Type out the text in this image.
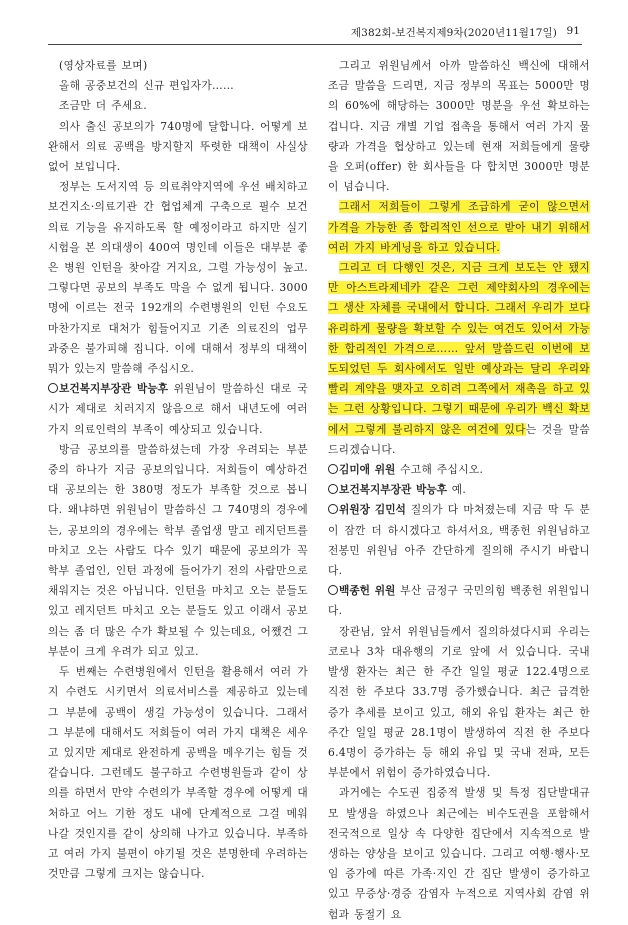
제382회-보건복지제9차(2020년11월17일) 91

(영상자료를 보며)

올해 공중보건의 신규 편입자가……

조금만 더 주세요.

의사 출신 공보의가 740명에 달합니다. 어떻게 보완해서 의료 공백을 방지할지 뚜렷한 대책이 사실상 없어 보입니다.

정부는 도서지역 등 의료취약지역에 우선 배치하고 보건지소·의료기관 간 협업체계 구축으로 필수 보건의료 기능을 유지하도록 할 예정이라고 하지만 실기시험을 본 의대생이 400여 명인데 이들은 대부분 좋은 병원 인턴을 찾아갈 거지요, 그럴 가능성이 높고. 그렇다면 공보의 부족도 막을 수 없게 됩니다. 3000명에 이르는 전국 192개의 수련병원의 인턴 수요도 마찬가지로 대처가 힘들어지고 기존 의료진의 업무 과중은 불가피해 집니다. 이에 대해서 정부의 대책이 뭐가 있는지 말씀해 주십시오.

보건복지부장관 박능후 위원님이 말씀하신 대로 국시가 제대로 치러지지 않음으로 해서 내년도에 여러 가지 의료인력의 부족이 예상되고 있습니다.

방금 공보의를 말씀하셨는데 가장 우려되는 부분 중의 하나가 지금 공보의입니다. 저희들이 예상하건대 공보의는 한 380명 정도가 부족할 것으로 봅니다. 왜냐하면 위원님이 말씀하신 그 740명의 경우에는, 공보의의 경우에는 학부 졸업생 말고 레지던트를 마치고 오는 사람도 다수 있기 때문에 공보의가 꼭 학부 졸업인, 인턴 과정에 들어가기 전의 사람만으로 채워지는 것은 아닙니다. 인턴을 마치고 오는 분들도 있고 레지던트 마치고 오는 분들도 있고 이래서 공보의는 좀 더 많은 수가 확보될 수 있는데요, 어쨌건 그 부분이 크게 우려가 되고 있고.

두 번째는 수련병원에서 인턴을 활용해서 여러 가지 수련도 시키면서 의료서비스를 제공하고 있는데 그 부분에 공백이 생길 가능성이 있습니다. 그래서 그 부분에 대해서도 저희들이 여러 가지 대책은 세우고 있지만 제대로 완전하게 공백을 메우기는 힘들 것 같습니다. 그런데도 불구하고 수련병원들과 같이 상의를 하면서 만약 수련의가 부족할 경우에 어떻게 대처하고 어느 기한 정도 내에 단계적으로 그걸 메워 나갈 것인지를 같이 상의해 나가고 있습니다. 부족하고 여러 가지 불편이 야기될 것은 분명한데 우려하는 것만큼 그렇게 크지는 않습니다.

그리고 위원님께서 아까 말씀하신 백신에 대해서 조금 말씀을 드리면, 지금 정부의 목표는 5000만 명의 60%에 해당하는 3000만 명분을 우선 확보하는 겁니다. 지금 개별 기업 접촉을 통해서 여러 가지 물량과 가격을 협상하고 있는데 현재 저희들에게 물량을 오퍼(offer) 한 회사들을 다 합치면 3000만 명분이 넘습니다.

그래서 저희들이 그렇게 조급하게 굳이 않으면서 가격을 가능한 좀 합리적인 선으로 받아 내기 위해서 여러 가지 바게닝을 하고 있습니다.

그리고 더 다행인 것은, 지금 크게 보도는 안 됐지만 아스트라제네카 같은 그런 제약회사의 경우에는 그 생산 자체를 국내에서 합니다. 그래서 우리가 보다 유리하게 물량을 확보할 수 있는 여건도 있어서 가능한 합리적인 가격으로…… 앞서 말씀드린 이번에 보도되었던 두 회사에서도 일반 예상과는 달리 우리와 빨리 계약을 맺자고 오히려 그쪽에서 재촉을 하고 있는 그런 상황입니다. 그렇기 때문에 우리가 백신 확보에서 그렇게 불리하지 않은 여건에 있다는 것을 말씀드리겠습니다.

김미애 위원 수고해 주십시오.

보건복지부장관 박능후 예.

위원장 김민석 질의가 다 마쳐졌는데 지금 딱 두 분이 잠깐 더 하시겠다고 하셔서요, 백종헌 위원님하고 전봉민 위원님 아주 간단하게 질의해 주시기 바랍니다.

백종헌 위원 부산 금정구 국민의힘 백종헌 위원입니다.

장관님, 앞서 위원님들께서 질의하셨다시피 우리는 코로나 3차 대유행의 기로 앞에 서 있습니다. 국내 발생 환자는 최근 한 주간 일일 평균 122.4명으로 직전 한 주보다 33.7명 증가했습니다. 최근 급격한 증가 추세를 보이고 있고, 해외 유입 환자는 최근 한 주간 일일 평균 28.1명이 발생하여 직전 한 주보다 6.4명이 증가하는 등 해외 유입 및 국내 전파, 모든 부분에서 위험이 증가하였습니다.

과거에는 수도권 집중적 발생 및 특정 집단발대규모 발생을 하였으나 최근에는 비수도권을 포함해서 전국적으로 일상 속 다양한 집단에서 지속적으로 발생하는 양상을 보이고 있습니다. 그리고 여행·행사·모임 증가에 따른 가족·지인 간 집단 발생이 증가하고 있고 무증상·경증 감염자 누적으로 지역사회 감염 위험과 동절기 요
